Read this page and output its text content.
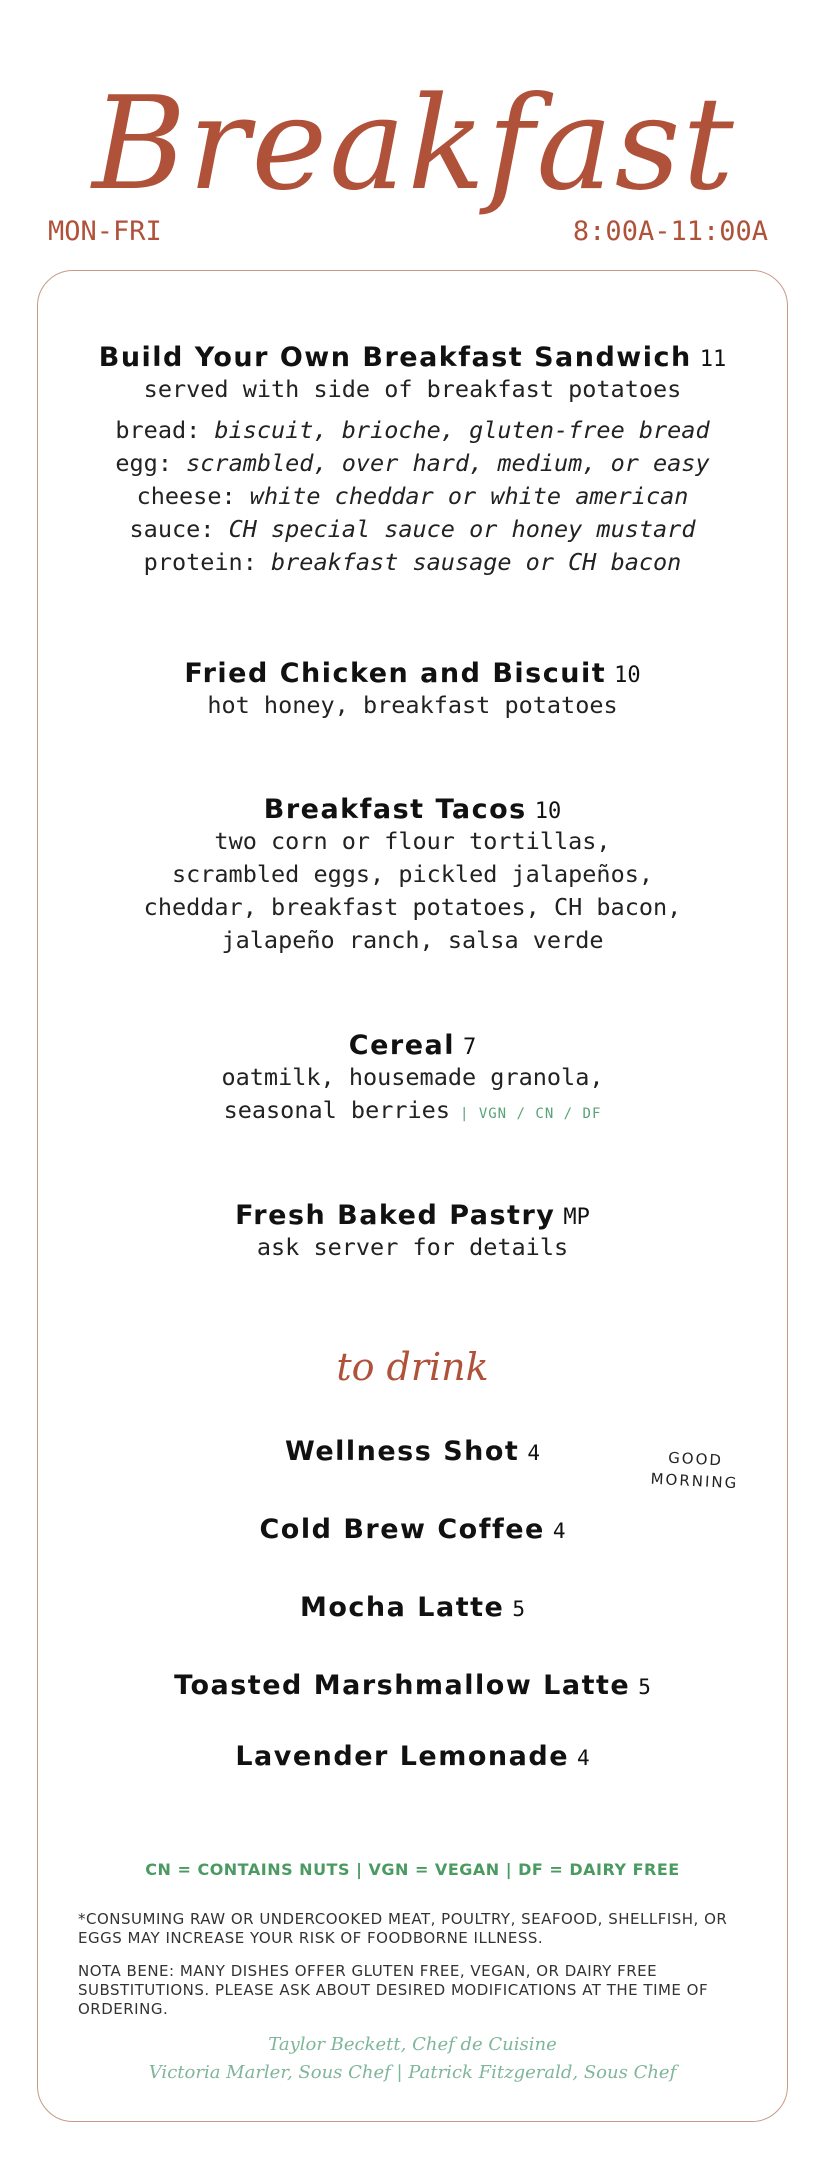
Breakfast
MON-FRI	8:00A-11:00A
Build Your Own Breakfast Sandwich 11
served with side of breakfast potatoes
bread: biscuit, brioche, gluten-free bread
egg: scrambled, over hard, medium, or easy
cheese: white cheddar or white american
sauce: CH special sauce or honey mustard
protein: breakfast sausage or CH bacon
Fried Chicken and Biscuit 10
hot honey, breakfast potatoes
Breakfast Tacos 10
two corn or flour tortillas,
scrambled eggs, pickled jalapeños,
cheddar, breakfast potatoes, CH bacon,
jalapeño ranch, salsa verde
Cereal 7
oatmilk, housemade granola,
seasonal berries | VGN / CN / DF
Fresh Baked Pastry MP
ask server for details
to drink
Wellness Shot 4
Cold Brew Coffee 4
Mocha Latte 5
Toasted Marshmallow Latte 5
Lavender Lemonade 4
GOOD
MORNING
CN = CONTAINS NUTS | VGN = VEGAN | DF = DAIRY FREE
*CONSUMING RAW OR UNDERCOOKED MEAT, POULTRY, SEAFOOD, SHELLFISH, OR EGGS MAY INCREASE YOUR RISK OF FOODBORNE ILLNESS.
NOTA BENE: MANY DISHES OFFER GLUTEN FREE, VEGAN, OR DAIRY FREE SUBSTITUTIONS. PLEASE ASK ABOUT DESIRED MODIFICATIONS AT THE TIME OF ORDERING.
Taylor Beckett, Chef de Cuisine
Victoria Marler, Sous Chef | Patrick Fitzgerald, Sous Chef
